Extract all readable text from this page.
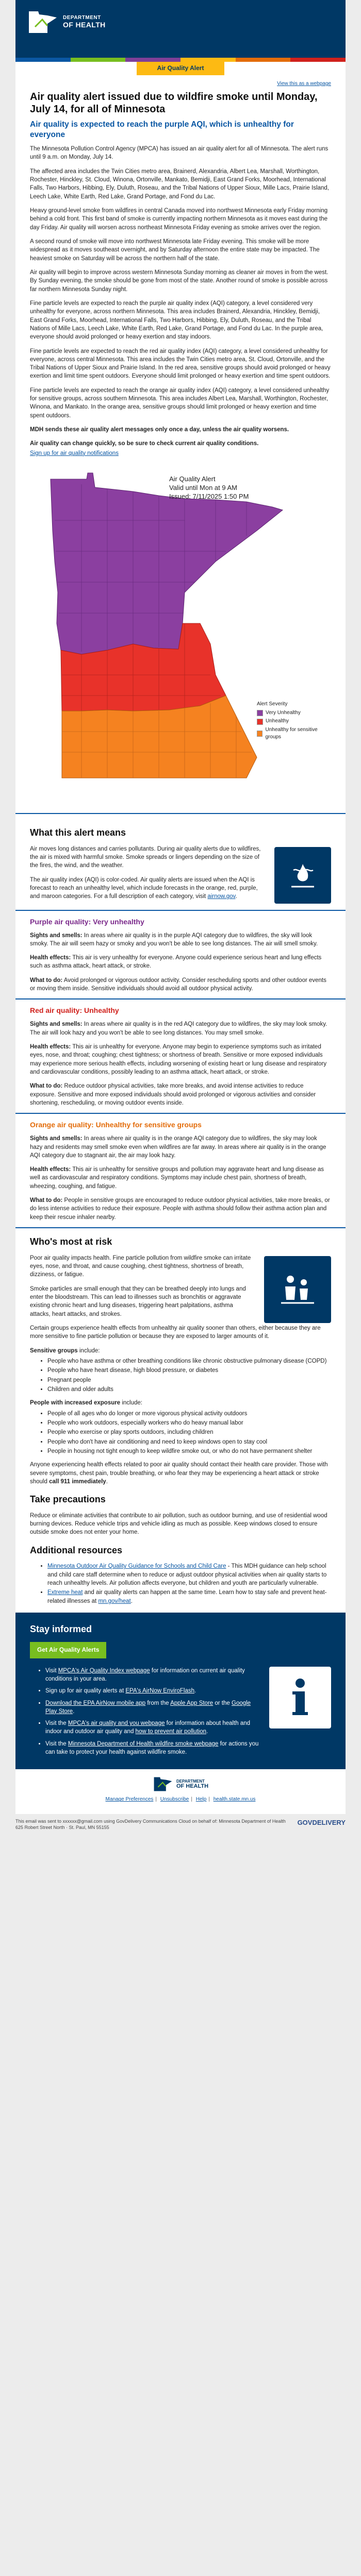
DEPARTMENT
OF HEALTH
Air Quality Alert
View this as a webpage
Air quality alert issued due to wildfire smoke until Monday, July 14, for all of Minnesota
Air quality is expected to reach the purple AQI, which is unhealthy for everyone

The Minnesota Pollution Control Agency (MPCA) has issued an air quality alert for all of Minnesota. The alert runs until 9 a.m. on Monday, July 14.

The affected area includes the Twin Cities metro area, Brainerd, Alexandria, Albert Lea, Marshall, Worthington, Rochester, Hinckley, St. Cloud, Winona, Ortonville, Mankato, Bemidji, East Grand Forks, Moorhead, International Falls, Two Harbors, Hibbing, Ely, Duluth, Roseau, and the Tribal Nations of Upper Sioux, Mille Lacs, Prairie Island, Leech Lake, White Earth, Red Lake, Grand Portage, and Fond du Lac.

Heavy ground-level smoke from wildfires in central Canada moved into northwest Minnesota early Friday morning behind a cold front. This first band of smoke is currently impacting northern Minnesota as it moves east during the day Friday. Air quality will worsen across northeast Minnesota Friday evening as smoke arrives over the region.

A second round of smoke will move into northwest Minnesota late Friday evening. This smoke will be more widespread as it moves southeast overnight, and by Saturday afternoon the entire state may be impacted. The heaviest smoke on Saturday will be across the northern half of the state.

Air quality will begin to improve across western Minnesota Sunday morning as cleaner air moves in from the west. By Sunday evening, the smoke should be gone from most of the state. Another round of smoke is possible across far northern Minnesota Sunday night.

Fine particle levels are expected to reach the purple air quality index (AQI) category, a level considered very unhealthy for everyone, across northern Minnesota. This area includes Brainerd, Alexandria, Hinckley, Bemidji, East Grand Forks, Moorhead, International Falls, Two Harbors, Hibbing, Ely, Duluth, Roseau, and the Tribal Nations of Mille Lacs, Leech Lake, White Earth, Red Lake, Grand Portage, and Fond du Lac. In the purple area, everyone should avoid prolonged or heavy exertion and stay indoors.

Fine particle levels are expected to reach the red air quality index (AQI) category, a level considered unhealthy for everyone, across central Minnesota. This area includes the Twin Cities metro area, St. Cloud, Ortonville, and the Tribal Nations of Upper Sioux and Prairie Island. In the red area, sensitive groups should avoid prolonged or heavy exertion and limit time spent outdoors. Everyone should limit prolonged or heavy exertion and time spent outdoors.

Fine particle levels are expected to reach the orange air quality index (AQI) category, a level considered unhealthy for sensitive groups, across southern Minnesota. This area includes Albert Lea, Marshall, Worthington, Rochester, Winona, and Mankato. In the orange area, sensitive groups should limit prolonged or heavy exertion and time spent outdoors.

MDH sends these air quality alert messages only once a day, unless the air quality worsens.

Air quality can change quickly, so be sure to check current air quality conditions.

Sign up for air quality notifications

Air Quality Alert
Valid until Mon at 9 AM
Issued: 7/11/2025 1:50 PM
Alert Severity
Very Unhealthy
Unhealthy
Unhealthy for sensitive groups
What this alert means

Air moves long distances and carries pollutants. During air quality alerts due to wildfires, the air is mixed with harmful smoke. Smoke spreads or lingers depending on the size of the fires, the wind, and the weather.

The air quality index (AQI) is color-coded. Air quality alerts are issued when the AQI is forecast to reach an unhealthy level, which include forecasts in the orange, red, purple, and maroon categories. For a full description of each category, visit airnow.gov.

Purple air quality: Very unhealthy

Sights and smells: In areas where air quality is in the purple AQI category due to wildfires, the sky will look smoky. The air will seem hazy or smoky and you won't be able to see long distances. The air will smell smoky.

Health effects: This air is very unhealthy for everyone. Anyone could experience serious heart and lung effects such as asthma attack, heart attack, or stroke.

What to do: Avoid prolonged or vigorous outdoor activity. Consider rescheduling sports and other outdoor events or moving them inside. Sensitive individuals should avoid all outdoor physical activity.

Red air quality: Unhealthy

Sights and smells: In areas where air quality is in the red AQI category due to wildfires, the sky may look smoky. The air will look hazy and you won't be able to see long distances. You may smell smoke.

Health effects: This air is unhealthy for everyone. Anyone may begin to experience symptoms such as irritated eyes, nose, and throat; coughing; chest tightness; or shortness of breath. Sensitive or more exposed individuals may experience more serious health effects, including worsening of existing heart or lung disease and respiratory and cardiovascular conditions, possibly leading to an asthma attack, heart attack, or stroke.

What to do: Reduce outdoor physical activities, take more breaks, and avoid intense activities to reduce exposure. Sensitive and more exposed individuals should avoid prolonged or vigorous activities and consider shortening, rescheduling, or moving outdoor events inside.

Orange air quality: Unhealthy for sensitive groups

Sights and smells: In areas where air quality is in the orange AQI category due to wildfires, the sky may look hazy and residents may smell smoke even when wildfires are far away. In areas where air quality is in the orange AQI category due to stagnant air, the air may look hazy.

Health effects: This air is unhealthy for sensitive groups and pollution may aggravate heart and lung disease as well as cardiovascular and respiratory conditions. Symptoms may include chest pain, shortness of breath, wheezing, coughing, and fatigue.

What to do: People in sensitive groups are encouraged to reduce outdoor physical activities, take more breaks, or do less intense activities to reduce their exposure. People with asthma should follow their asthma action plan and keep their rescue inhaler nearby.

Who's most at risk

Poor air quality impacts health. Fine particle pollution from wildfire smoke can irritate eyes, nose, and throat, and cause coughing, chest tightness, shortness of breath, dizziness, or fatigue.

Smoke particles are small enough that they can be breathed deeply into lungs and enter the bloodstream. This can lead to illnesses such as bronchitis or aggravate existing chronic heart and lung diseases, triggering heart palpitations, asthma attacks, heart attacks, and strokes.

Certain groups experience health effects from unhealthy air quality sooner than others, either because they are more sensitive to fine particle pollution or because they are exposed to larger amounts of it.

Sensitive groups include:

• People who have asthma or other breathing conditions like chronic obstructive pulmonary disease (COPD)
• People who have heart disease, high blood pressure, or diabetes
• Pregnant people
• Children and older adults

People with increased exposure include:

• People of all ages who do longer or more vigorous physical activity outdoors
• People who work outdoors, especially workers who do heavy manual labor
• People who exercise or play sports outdoors, including children
• People who don't have air conditioning and need to keep windows open to stay cool
• People in housing not tight enough to keep wildfire smoke out, or who do not have permanent shelter

Anyone experiencing health effects related to poor air quality should contact their health care provider. Those with severe symptoms, chest pain, trouble breathing, or who fear they may be experiencing a heart attack or stroke should call 911 immediately.

Take precautions

Reduce or eliminate activities that contribute to air pollution, such as outdoor burning, and use of residential wood burning devices. Reduce vehicle trips and vehicle idling as much as possible. Keep windows closed to ensure outside smoke does not enter your home.

Additional resources
• Minnesota Outdoor Air Quality Guidance for Schools and Child Care - This MDH guidance can help school and child care staff determine when to reduce or adjust outdoor physical activities when air quality starts to reach unhealthy levels. Air pollution affects everyone, but children and youth are particularly vulnerable.
• Extreme heat and air quality alerts can happen at the same time. Learn how to stay safe and prevent heat-related illnesses at mn.gov/heat.
Stay informed
Get Air Quality Alerts
• Visit MPCA's Air Quality Index webpage for information on current air quality conditions in your area.
• Sign up for air quality alerts at EPA's AirNow EnviroFlash.
• Download the EPA AirNow mobile app from the Apple App Store or the Google Play Store.
• Visit the MPCA's air quality and you webpage for information about health and indoor and outdoor air quality and how to prevent air pollution.
• Visit the Minnesota Department of Health wildfire smoke webpage for actions you can take to protect your health against wildfire smoke.
DEPARTMENT
OF HEALTH
Manage Preferences | Unsubscribe | Help | health.state.mn.us
This email was sent to xxxxxx@gmail.com using GovDelivery Communications Cloud on behalf of: Minnesota Department of Health
625 Robert Street North · St. Paul, MN 55155
GOVDELIVERY
